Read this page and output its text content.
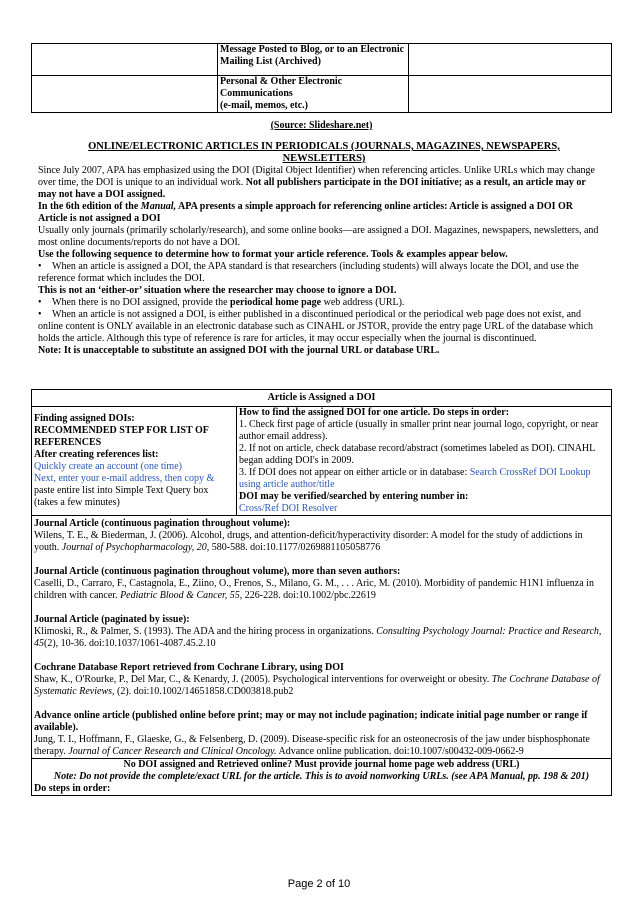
	Message Posted to Blog, or to an Electronic Mailing List (Archived)	

	Personal & Other Electronic Communications
(e-mail, memos, etc.)	

(Source: Slideshare.net)
ONLINE/ELECTRONIC ARTICLES IN PERIODICALS (JOURNALS, MAGAZINES, NEWSPAPERS, NEWSLETTERS)

Since July 2007, APA has emphasized using the DOI (Digital Object Identifier) when referencing articles. Unlike URLs which may change over time, the DOI is unique to an individual work. Not all publishers participate in the DOI initiative; as a result, an article may or may not have a DOI assigned.

In the 6th edition of the Manual, APA presents a simple approach for referencing online articles: Article is assigned a DOI OR Article is not assigned a DOI

Usually only journals (primarily scholarly/research), and some online books—are assigned a DOI. Magazines, newspapers, newsletters, and most online documents/reports do not have a DOI.

Use the following sequence to determine how to format your article reference. Tools & examples appear below.

• When an article is assigned a DOI, the APA standard is that researchers (including students) will always locate the DOI, and use the reference format which includes the DOI.

This is not an ‘either-or’ situation where the researcher may choose to ignore a DOI.

• When there is no DOI assigned, provide the periodical home page web address (URL).

• When an article is not assigned a DOI, is either published in a discontinued periodical or the periodical web page does not exist, and online content is ONLY available in an electronic database such as CINAHL or JSTOR, provide the entry page URL of the database which holds the article. Although this type of reference is rare for articles, it may occur especially when the journal is discontinued.

Note: It is unacceptable to substitute an assigned DOI with the journal URL or database URL.

Article is Assigned a DOI

Finding assigned DOIs:
RECOMMENDED STEP FOR LIST OF REFERENCES
After creating references list:
Quickly create an account (one time)
Next, enter your e-mail address, then copy &
paste entire list into Simple Text Query box
(takes a few minutes)

How to find the assigned DOI for one article. Do steps in order:
1. Check first page of article (usually in smaller print near journal logo, copyright, or near author email address).
2. If not on article, check database record/abstract (sometimes labeled as DOI). CINAHL began adding DOI's in 2009.
3. If DOI does not appear on either article or in database: Search CrossRef DOI Lookup using article author/title
DOI may be verified/searched by entering number in:
Cross/Ref DOI Resolver

Journal Article (continuous pagination throughout volume):
Wilens, T. E., & Biederman, J. (2006). Alcohol, drugs, and attention-deficit/hyperactivity disorder: A model for the study of addictions in youth. Journal of Psychopharmacology, 20, 580-588. doi:10.1177/0269881105058776
Journal Article (continuous pagination throughout volume), more than seven authors:
Caselli, D., Carraro, F., Castagnola, E., Ziino, O., Frenos, S., Milano, G. M., . . . Aric, M. (2010). Morbidity of pandemic H1N1 influenza in children with cancer. Pediatric Blood & Cancer, 55, 226-228. doi:10.1002/pbc.22619
Journal Article (paginated by issue):
Klimoski, R., & Palmer, S. (1993). The ADA and the hiring process in organizations. Consulting Psychology Journal: Practice and Research, 45(2), 10-36. doi:10.1037/1061-4087.45.2.10
Cochrane Database Report retrieved from Cochrane Library, using DOI
Shaw, K., O'Rourke, P., Del Mar, C., & Kenardy, J. (2005). Psychological interventions for overweight or obesity. The Cochrane Database of Systematic Reviews, (2). doi:10.1002/14651858.CD003818.pub2
Advance online article (published online before print; may or may not include pagination; indicate initial page number or range if available).
Jung, T. I., Hoffmann, F., Glaeske, G., & Felsenberg, D. (2009). Disease-specific risk for an osteonecrosis of the jaw under bisphosphonate therapy. Journal of Cancer Research and Clinical Oncology. Advance online publication. doi:10.1007/s00432-009-0662-9

No DOI assigned and Retrieved online? Must provide journal home page web address (URL)
Note: Do not provide the complete/exact URL for the article. This is to avoid nonworking URLs. (see APA Manual, pp. 198 & 201)
Do steps in order:
Page 2 of 10
